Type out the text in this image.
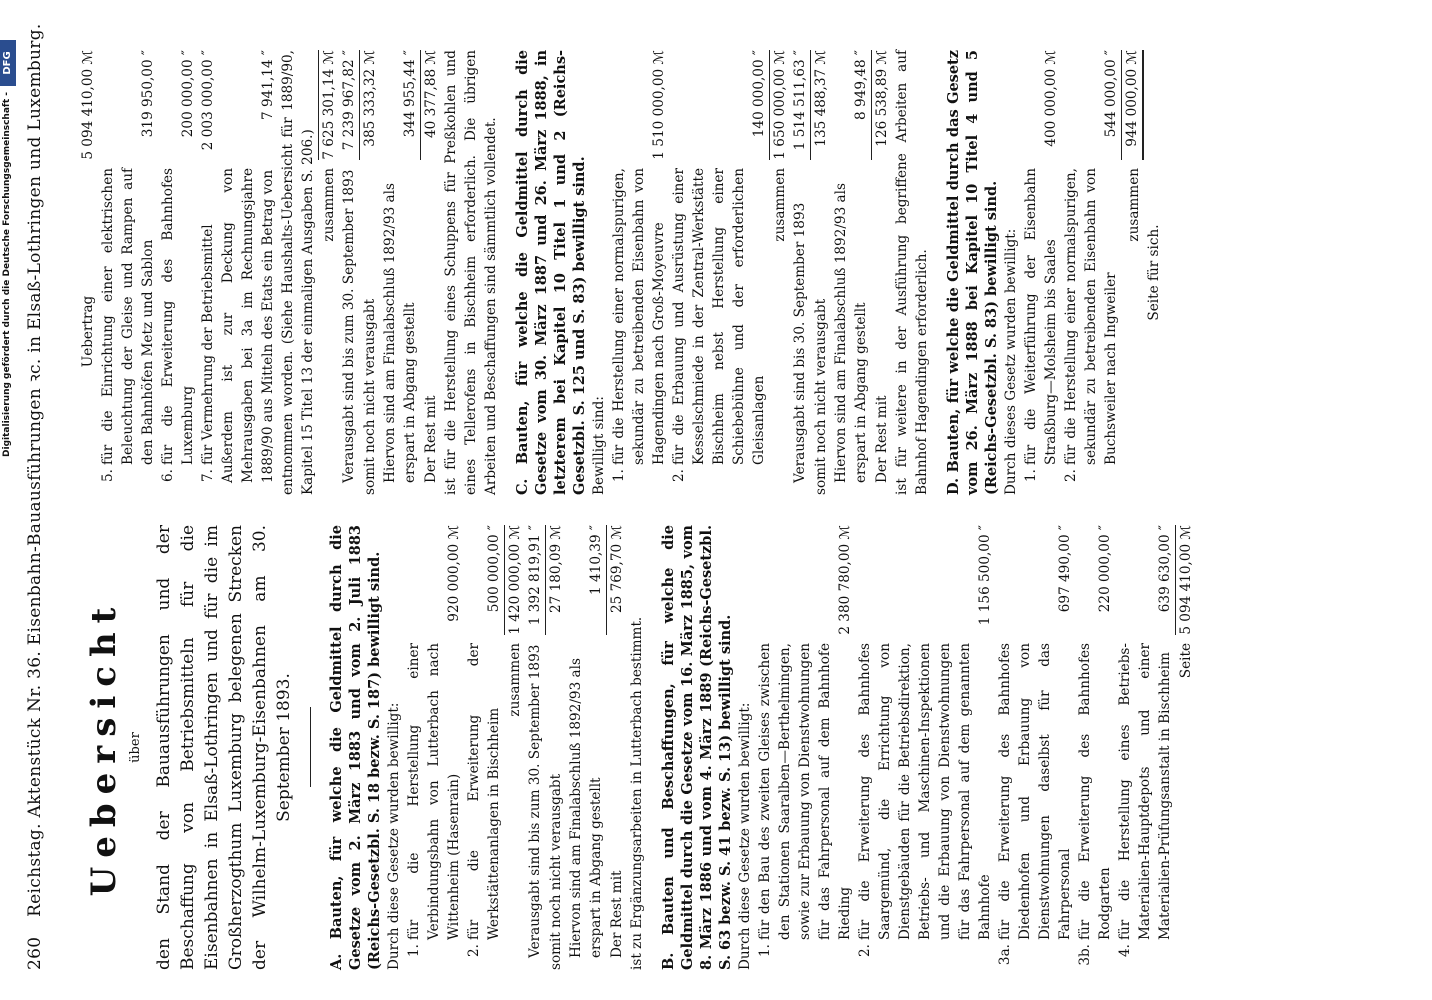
260 Reichstag. Aktenstück Nr. 36. Eisenbahn-Bauausführungen ꝛc. in Elsaß-Lothringen und Luxemburg. Uebersicht über den Stand der Bauausführungen und der Beschaffung von Betriebsmitteln für die Eisenbahnen in Elsaß-Lothringen und für die im Großherzogthum Luxemburg belegenen Strecken der Wilhelm-Luxemburg-Eisenbahnen am 30. September 1893. A. Bauten, für welche die Geldmittel durch die Gesetze vom 2. März 1883 und vom 2. Juli 1883 (Reichs-Gesetzbl. S. 18 bezw. S. 187) bewilligt sind. Durch diese Gesetze wurden bewilligt: 1.
für die Herstellung einer Verbindungsbahn von Lutterbach nach Wittenheim (Hasenrain)
920 000,00 ℳ
2.
für die Erweiterung der Werkstättenanlagen in Bischheim
500 000,00 ″
zusammen
1 420 000,00 ℳ
Verausgabt sind bis zum 30. September 1893
1 392 819,91 ″
somit noch nicht verausgabt
27 180,09 ℳ
Hiervon sind am Finalabschluß 1892/93 als erspart in Abgang gestellt
1 410,39 ″
Der Rest mit
25 769,70 ℳ

ist zu Ergänzungsarbeiten in Lutterbach bestimmt. B. Bauten und Beschaffungen, für welche die Geldmittel durch die Gesetze vom 16. März 1885, vom 8. März 1886 und vom 4. März 1889 (Reichs-Gesetzbl. S. 63 bezw. S. 41 bezw. S. 13) bewilligt sind. Durch diese Gesetze wurden bewilligt: 1.
für den Bau des zweiten Gleises zwischen den Stationen Saaralben—Berthelmingen, sowie zur Erbauung von Dienstwohnungen für das Fahrpersonal auf dem Bahnhofe Rieding
2 380 780,00 ℳ
2.
für die Erweiterung des Bahnhofes Saargemünd, die Errichtung von Dienstgebäuden für die Betriebsdirektion, Betriebs- und Maschinen-Inspektionen und die Erbauung von Dienstwohnungen für das Fahrpersonal auf dem genannten Bahnhofe
1 156 500,00 ″
3a.
für die Erweiterung des Bahnhofes Diedenhofen und Erbauung von Dienstwohnungen daselbst für das Fahrpersonal
697 490,00 ″
3b.
für die Erweiterung des Bahnhofes Rodgarten
220 000,00 ″
4.
für die Herstellung eines Betriebs-Materialien-Hauptdepots und einer Materialien-Prüfungsanstalt in Bischheim
639 630,00 ″
Seite
5 094 410,00 ℳ
Uebertrag
5 094 410,00 ℳ
5.
für die Einrichtung einer elektrischen Beleuchtung der Gleise und Rampen auf den Bahnhöfen Metz und Sablon
319 950,00 ″
6.
für die Erweiterung des Bahnhofes Luxemburg
200 000,00 ″
7.
für Vermehrung der Betriebsmittel
2 003 000,00 ″
Außerdem ist zur Deckung von Mehrausgaben bei 3a im Rechnungsjahre 1889/90 aus Mitteln des Etats ein Betrag von
7 941,14 ″ entnommen worden. (Siehe Haushalts-Uebersicht für 1889/90, Kapitel 15 Titel 13 der einmaligen Ausgaben S. 206.) zusammen
7 625 301,14 ℳ
Verausgabt sind bis zum 30. September 1893
7 239 967,82 ″
somit noch nicht verausgabt
385 333,32 ℳ
Hiervon sind am Finalabschluß 1892/93 als erspart in Abgang gestellt
344 955,44 ″
Der Rest mit
40 377,88 ℳ ist für die Herstellung eines Schuppens für Preßkohlen und eines Tellerofens in Bischheim erforderlich. Die übrigen Arbeiten und Beschaffungen sind sämmtlich vollendet. C. Bauten, für welche die Geldmittel durch die Gesetze vom 30. März 1887 und 26. März 1888, in letzterem bei Kapitel 10 Titel 1 und 2 (Reichs-Gesetzbl. S. 125 und S. 83) bewilligt sind. Bewilligt sind: 1.
für die Herstellung einer normalspurigen, sekundär zu betreibenden Eisenbahn von Hagendingen nach Groß-Moyeuvre
1 510 000,00 ℳ
2.
für die Erbauung und Ausrüstung einer Kesselschmiede in der Zentral-Werkstätte Bischheim nebst Herstellung einer Schiebebühne und der erforderlichen Gleisanlagen
140 000,00 ″
zusammen
1 650 000,00 ℳ
Verausgabt sind bis 30. September 1893
1 514 511,63 ″
somit noch nicht verausgabt
135 488,37 ℳ
Hiervon sind am Finalabschluß 1892/93 als erspart in Abgang gestellt
8 949,48 ″
Der Rest mit
126 538,89 ℳ ist für weitere in der Ausführung begriffene Arbeiten auf Bahnhof Hagendingen erforderlich. D. Bauten, für welche die Geldmittel durch das Gesetz vom 26. März 1888 bei Kapitel 10 Titel 4 und 5 (Reichs-Gesetzbl. S. 83) bewilligt sind. Durch dieses Gesetz wurden bewilligt: 1.
für die Weiterführung der Eisenbahn Straßburg—Molsheim bis Saales
400 000,00 ℳ
2.
für die Herstellung einer normalspurigen, sekundär zu betreibenden Eisenbahn von Buchsweiler nach Ingweiler
544 000,00 ″
zusammen
944 000,00 ℳ

Seite für sich.

Digitalisierung gefördert durch die Deutsche Forschungsgemeinschaft -
DFG
